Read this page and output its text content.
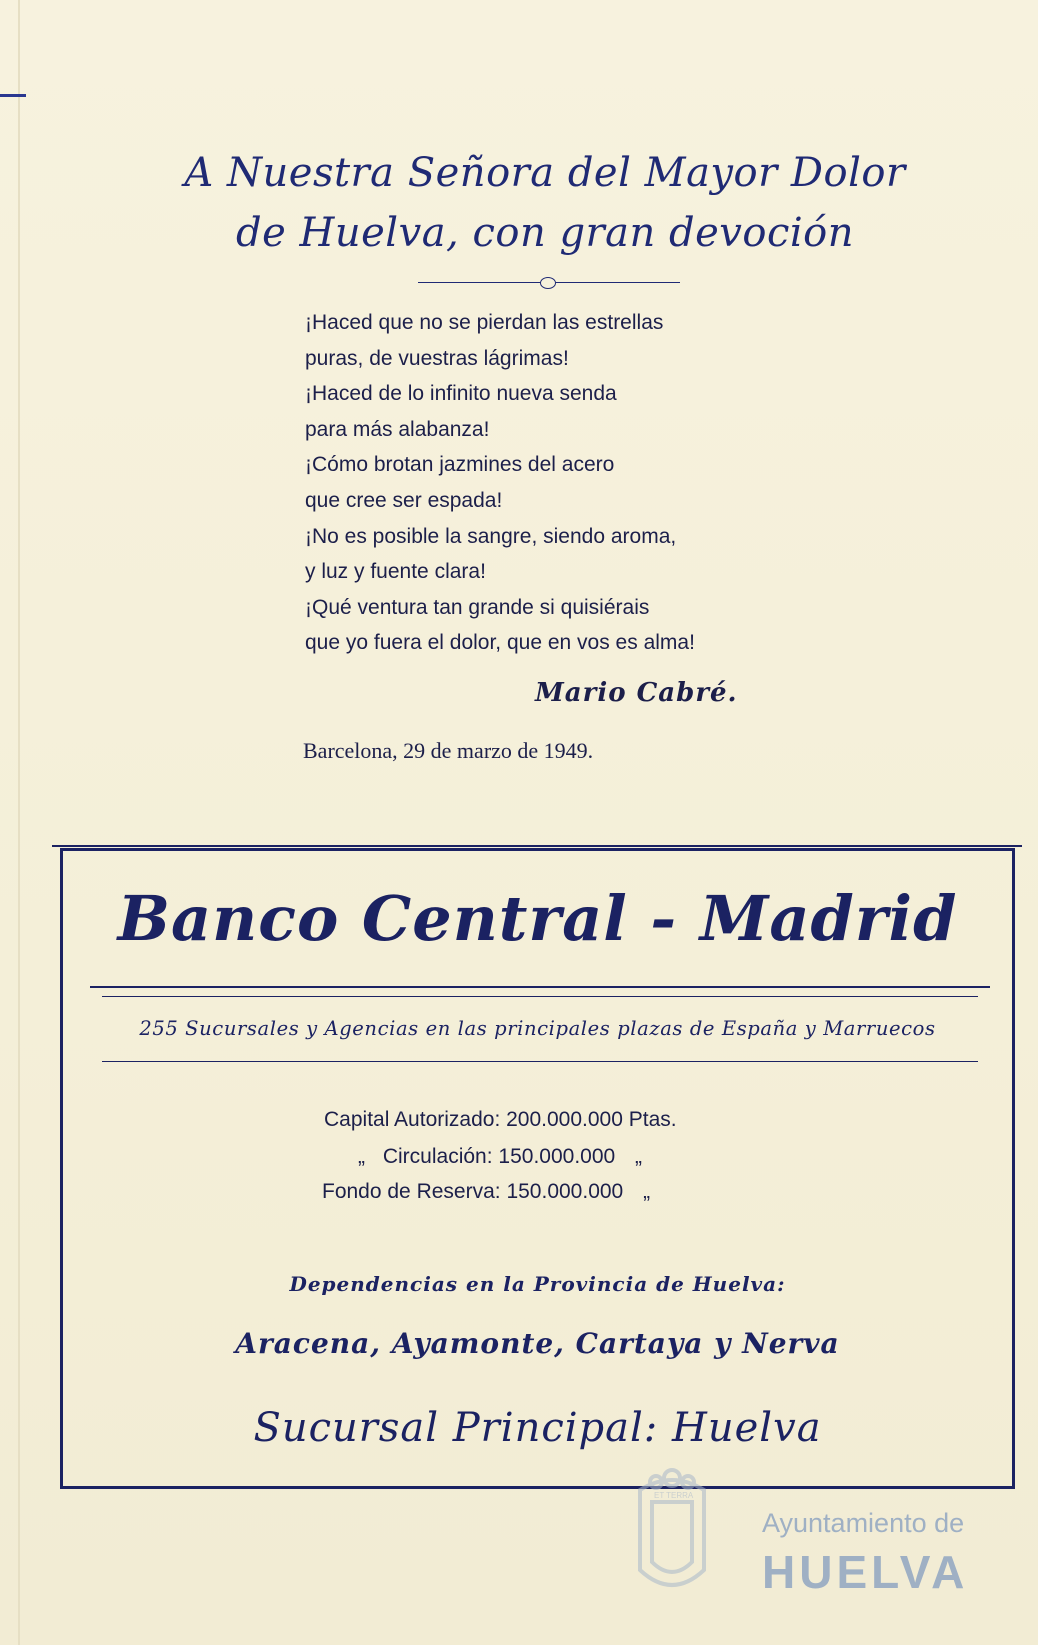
A Nuestra Señora del Mayor Dolor
de Huelva, con gran devoción
¡Haced que no se pierdan las estrellas
puras, de vuestras lágrimas!
¡Haced de lo infinito nueva senda
para más alabanza!
¡Cómo brotan jazmines del acero
que cree ser espada!
¡No es posible la sangre, siendo aroma,
y luz y fuente clara!
¡Qué ventura tan grande si quisiérais
que yo fuera el dolor, que en vos es alma!
Mario Cabré.
Barcelona, 29 de marzo de 1949.
Banco Central - Madrid
255 Sucursales y Agencias en las principales plazas de España y Marruecos
Capital Autorizado: 200.000.000 Ptas.
„ Circulación: 150.000.000 „
Fondo de Reserva: 150.000.000 „
Dependencias en la Provincia de Huelva:
Aracena, Ayamonte, Cartaya y Nerva
Sucursal Principal: Huelva
ET TERRA
Ayuntamiento de
HUELVA
